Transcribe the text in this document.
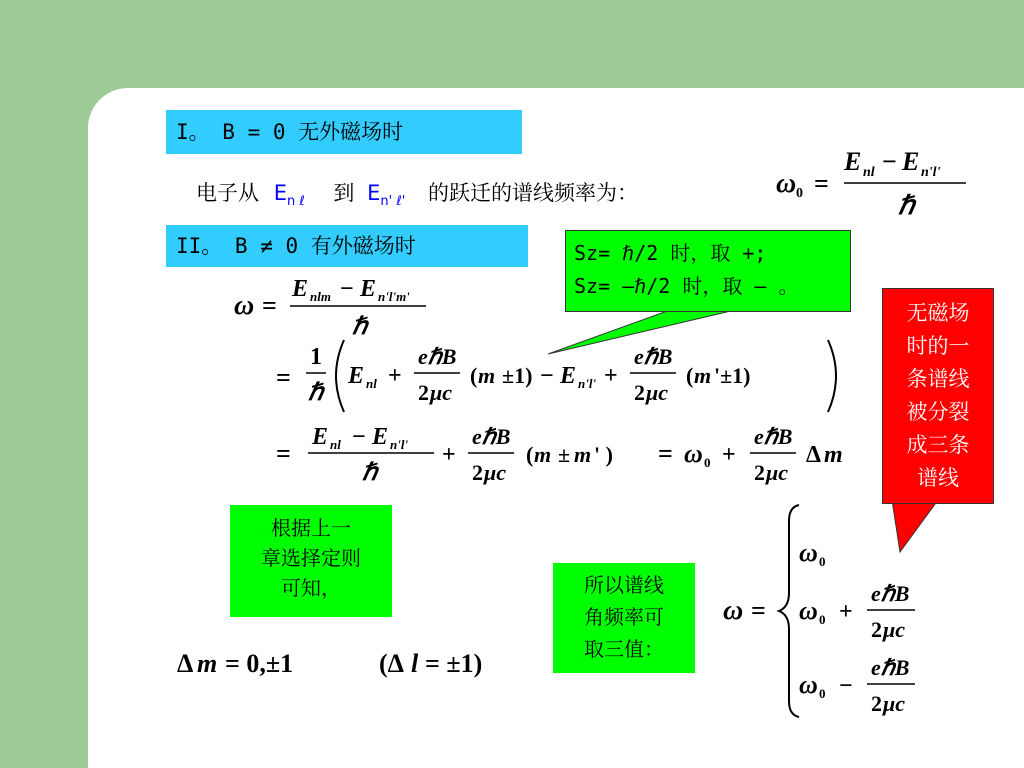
I。 B = 0 无外磁场时
电子从 $E_{n \ell}$ 到 $E_{n' \ell'}$ 的跃迁的谱线频率为：	ω 0 =
E nl − E n'l'
ℏ
II。 B ≠ 0 有外磁场时	Sz= ℏ/2 时，取 +;
Sz= –ℏ/2 时，取 – 。
无磁场
时的一
条谱线
被分裂
成三条
谱线
ω =
E nlm − E n'l'm'
ℏ
=
1
ℏ
E nl +
eℏB
2 μc
( m ±1) − E n'l' +
eℏB
2 μc
( m '±1)
=
E nl − E n'l'
ℏ
+
eℏB
2 μc
( m ± m ' ) = ω 0 +
eℏB
2 μc
Δ m
根据上一
章选择定则
可知，	所以谱线
角频率可
取三值：
Δ m = 0,±1	(Δ l = ±1)
ω =
ω 0
ω 0 +
eℏB
2 μc
ω 0 −
eℏB
2 μc
